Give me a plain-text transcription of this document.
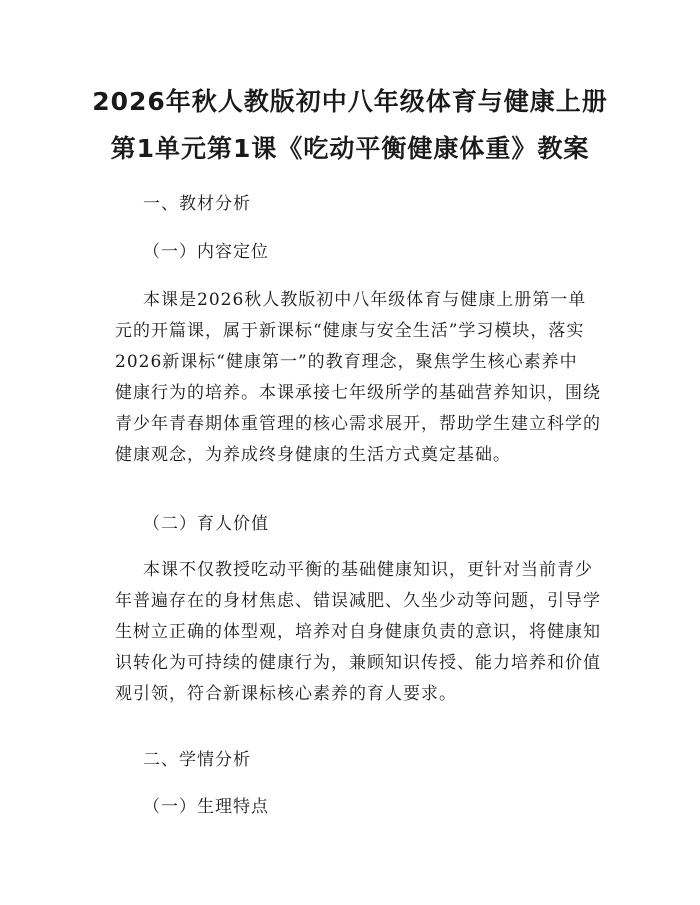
2026年秋人教版初中八年级体育与健康上册
第1单元第1课《吃动平衡健康体重》教案
一、教材分析
（一）内容定位
本课是2026秋人教版初中八年级体育与健康上册第一单
元的开篇课，属于新课标“健康与安全生活”学习模块，落实
2026新课标“健康第一”的教育理念，聚焦学生核心素养中
健康行为的培养。本课承接七年级所学的基础营养知识，围绕
青少年青春期体重管理的核心需求展开，帮助学生建立科学的
健康观念，为养成终身健康的生活方式奠定基础。
（二）育人价值
本课不仅教授吃动平衡的基础健康知识，更针对当前青少
年普遍存在的身材焦虑、错误减肥、久坐少动等问题，引导学
生树立正确的体型观，培养对自身健康负责的意识，将健康知
识转化为可持续的健康行为，兼顾知识传授、能力培养和价值
观引领，符合新课标核心素养的育人要求。
二、学情分析
（一）生理特点
